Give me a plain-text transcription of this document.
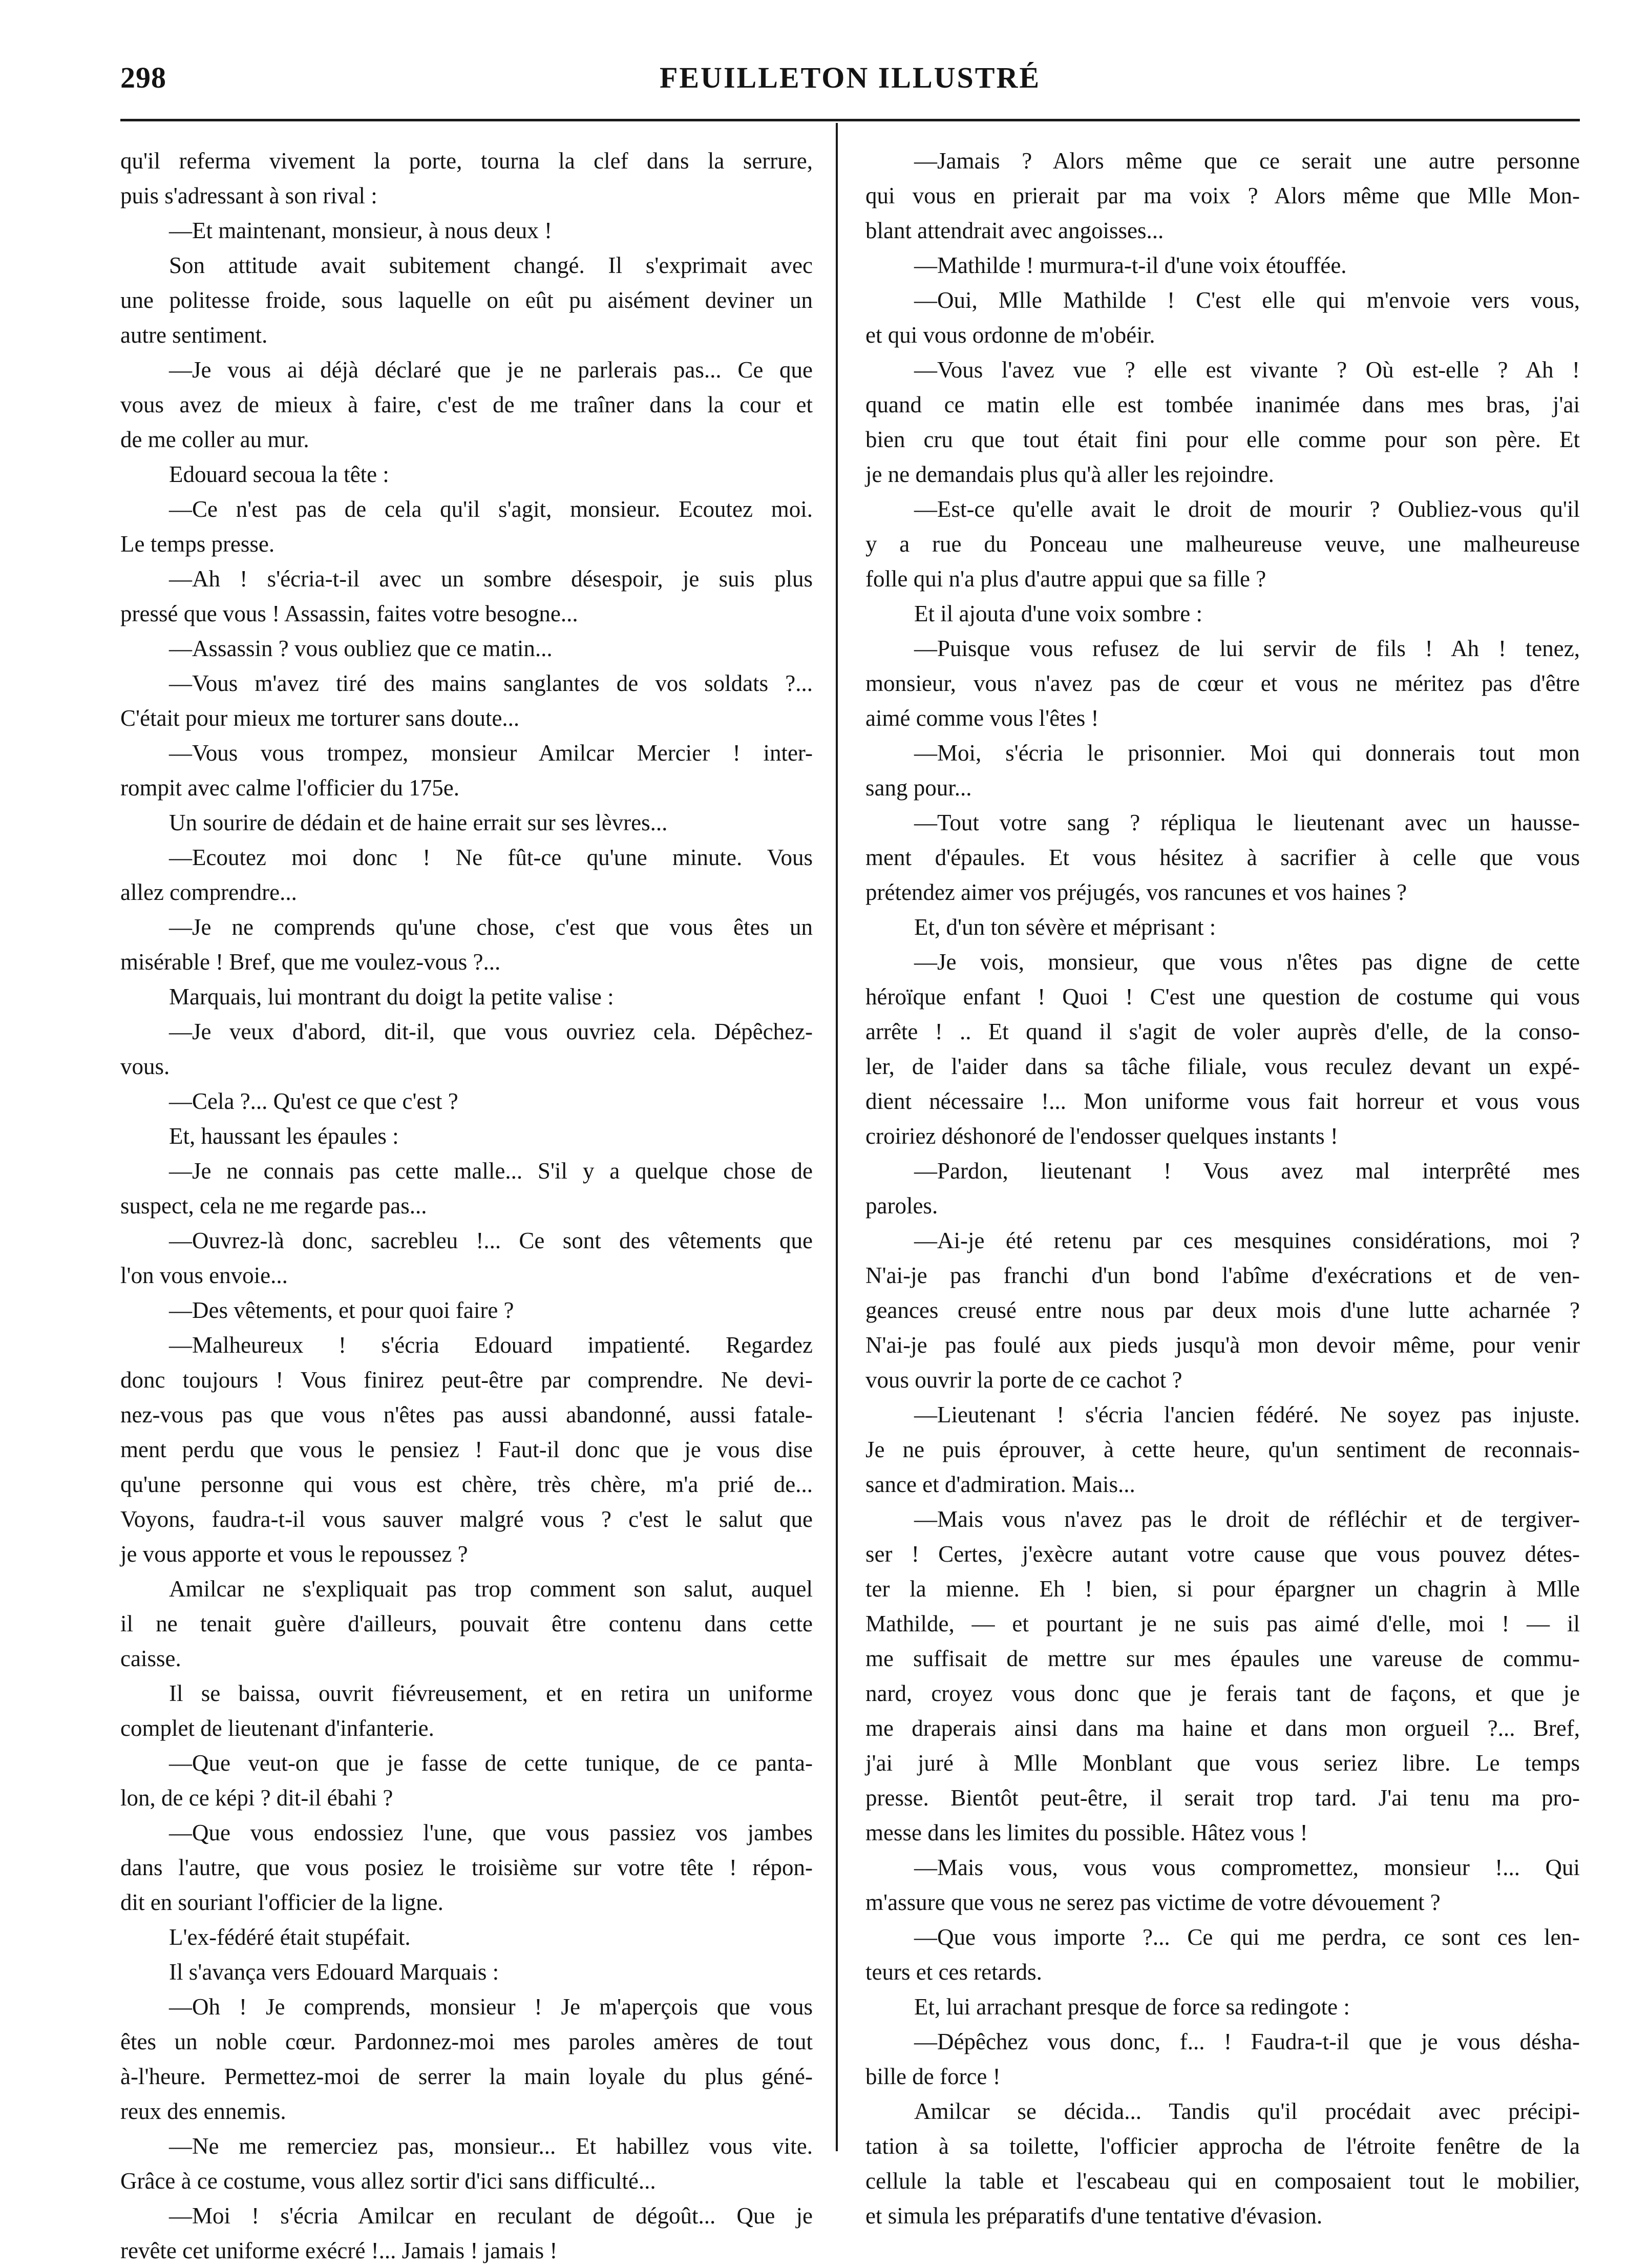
298	FEUILLETON ILLUSTRÉ
qu'il referma vivement la porte, tourna la clef dans la serrure,
puis s'adressant à son rival :
—Et maintenant, monsieur, à nous deux !
Son attitude avait subitement changé. Il s'exprimait avec
une politesse froide, sous laquelle on eût pu aisément deviner un
autre sentiment.
—Je vous ai déjà déclaré que je ne parlerais pas... Ce que
vous avez de mieux à faire, c'est de me traîner dans la cour et
de me coller au mur.
Edouard secoua la tête :
—Ce n'est pas de cela qu'il s'agit, monsieur. Ecoutez moi.
Le temps presse.
—Ah ! s'écria-t-il avec un sombre désespoir, je suis plus
pressé que vous ! Assassin, faites votre besogne...
—Assassin ? vous oubliez que ce matin...
—Vous m'avez tiré des mains sanglantes de vos soldats ?...
C'était pour mieux me torturer sans doute...
—Vous vous trompez, monsieur Amilcar Mercier ! inter-
rompit avec calme l'officier du 175e.
Un sourire de dédain et de haine errait sur ses lèvres...
—Ecoutez moi donc ! Ne fût-ce qu'une minute. Vous
allez comprendre...
—Je ne comprends qu'une chose, c'est que vous êtes un
misérable ! Bref, que me voulez-vous ?...
Marquais, lui montrant du doigt la petite valise :
—Je veux d'abord, dit-il, que vous ouvriez cela. Dépêchez-
vous.
—Cela ?... Qu'est ce que c'est ?
Et, haussant les épaules :
—Je ne connais pas cette malle... S'il y a quelque chose de
suspect, cela ne me regarde pas...
—Ouvrez-là donc, sacrebleu !... Ce sont des vêtements que
l'on vous envoie...
—Des vêtements, et pour quoi faire ?
—Malheureux ! s'écria Edouard impatienté. Regardez
donc toujours ! Vous finirez peut-être par comprendre. Ne devi-
nez-vous pas que vous n'êtes pas aussi abandonné, aussi fatale-
ment perdu que vous le pensiez ! Faut-il donc que je vous dise
qu'une personne qui vous est chère, très chère, m'a prié de...
Voyons, faudra-t-il vous sauver malgré vous ? c'est le salut que
je vous apporte et vous le repoussez ?
Amilcar ne s'expliquait pas trop comment son salut, auquel
il ne tenait guère d'ailleurs, pouvait être contenu dans cette
caisse.
Il se baissa, ouvrit fiévreusement, et en retira un uniforme
complet de lieutenant d'infanterie.
—Que veut-on que je fasse de cette tunique, de ce panta-
lon, de ce képi ? dit-il ébahi ?
—Que vous endossiez l'une, que vous passiez vos jambes
dans l'autre, que vous posiez le troisième sur votre tête ! répon-
dit en souriant l'officier de la ligne.
L'ex-fédéré était stupéfait.
Il s'avança vers Edouard Marquais :
—Oh ! Je comprends, monsieur ! Je m'aperçois que vous
êtes un noble cœur. Pardonnez-moi mes paroles amères de tout
à-l'heure. Permettez-moi de serrer la main loyale du plus géné-
reux des ennemis.
—Ne me remerciez pas, monsieur... Et habillez vous vite.
Grâce à ce costume, vous allez sortir d'ici sans difficulté...
—Moi ! s'écria Amilcar en reculant de dégoût... Que je
revête cet uniforme exécré !... Jamais ! jamais !
—Jamais ? Alors même que ce serait une autre personne
qui vous en prierait par ma voix ? Alors même que Mlle Mon-
blant attendrait avec angoisses...
—Mathilde ! murmura-t-il d'une voix étouffée.
—Oui, Mlle Mathilde ! C'est elle qui m'envoie vers vous,
et qui vous ordonne de m'obéir.
—Vous l'avez vue ? elle est vivante ? Où est-elle ? Ah !
quand ce matin elle est tombée inanimée dans mes bras, j'ai
bien cru que tout était fini pour elle comme pour son père. Et
je ne demandais plus qu'à aller les rejoindre.
—Est-ce qu'elle avait le droit de mourir ? Oubliez-vous qu'il
y a rue du Ponceau une malheureuse veuve, une malheureuse
folle qui n'a plus d'autre appui que sa fille ?
Et il ajouta d'une voix sombre :
—Puisque vous refusez de lui servir de fils ! Ah ! tenez,
monsieur, vous n'avez pas de cœur et vous ne méritez pas d'être
aimé comme vous l'êtes !
—Moi, s'écria le prisonnier. Moi qui donnerais tout mon
sang pour...
—Tout votre sang ? répliqua le lieutenant avec un hausse-
ment d'épaules. Et vous hésitez à sacrifier à celle que vous
prétendez aimer vos préjugés, vos rancunes et vos haines ?
Et, d'un ton sévère et méprisant :
—Je vois, monsieur, que vous n'êtes pas digne de cette
héroïque enfant ! Quoi ! C'est une question de costume qui vous
arrête ! .. Et quand il s'agit de voler auprès d'elle, de la conso-
ler, de l'aider dans sa tâche filiale, vous reculez devant un expé-
dient nécessaire !... Mon uniforme vous fait horreur et vous vous
croiriez déshonoré de l'endosser quelques instants !
—Pardon, lieutenant ! Vous avez mal interprêté mes
paroles.
—Ai-je été retenu par ces mesquines considérations, moi ?
N'ai-je pas franchi d'un bond l'abîme d'exécrations et de ven-
geances creusé entre nous par deux mois d'une lutte acharnée ?
N'ai-je pas foulé aux pieds jusqu'à mon devoir même, pour venir
vous ouvrir la porte de ce cachot ?
—Lieutenant ! s'écria l'ancien fédéré. Ne soyez pas injuste.
Je ne puis éprouver, à cette heure, qu'un sentiment de reconnais-
sance et d'admiration. Mais...
—Mais vous n'avez pas le droit de réfléchir et de tergiver-
ser ! Certes, j'exècre autant votre cause que vous pouvez détes-
ter la mienne. Eh ! bien, si pour épargner un chagrin à Mlle
Mathilde, — et pourtant je ne suis pas aimé d'elle, moi ! — il
me suffisait de mettre sur mes épaules une vareuse de commu-
nard, croyez vous donc que je ferais tant de façons, et que je
me draperais ainsi dans ma haine et dans mon orgueil ?... Bref,
j'ai juré à Mlle Monblant que vous seriez libre. Le temps
presse. Bientôt peut-être, il serait trop tard. J'ai tenu ma pro-
messe dans les limites du possible. Hâtez vous !
—Mais vous, vous vous compromettez, monsieur !... Qui
m'assure que vous ne serez pas victime de votre dévouement ?
—Que vous importe ?... Ce qui me perdra, ce sont ces len-
teurs et ces retards.
Et, lui arrachant presque de force sa redingote :
—Dépêchez vous donc, f... ! Faudra-t-il que je vous désha-
bille de force !
Amilcar se décida... Tandis qu'il procédait avec précipi-
tation à sa toilette, l'officier approcha de l'étroite fenêtre de la
cellule la table et l'escabeau qui en composaient tout le mobilier,
et simula les préparatifs d'une tentative d'évasion.
